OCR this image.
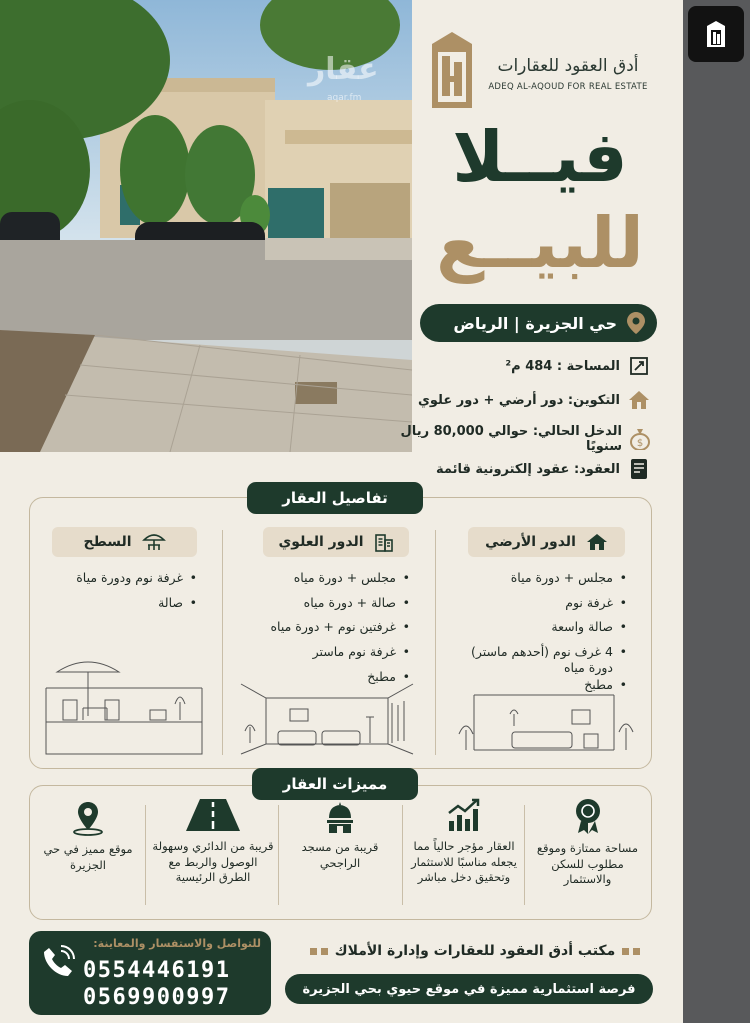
عقار
aqar.fm
أدق العقود للعقارات
ADEQ AL-AQOUD FOR REAL ESTATE
فيــلا
للبيــع
حي الجزيرة | الرياض
المساحة : 484 م²
التكوين: دور أرضي + دور علوي
الدخل الحالي: حوالي 80,000 ريال سنويًا $
العقود: عقود إلكترونية قائمة
تفاصيل العقار
الدور الأرضي
• مجلس + دورة مياة
• غرفة نوم
• صالة واسعة
• 4 غرف نوم (أحدهم ماستر) دورة مياه
• مطبخ
الدور العلوي
• مجلس + دورة مياه
• صالة + دورة مياه
• غرفتين نوم + دورة مياه
• غرفة نوم ماستر
• مطبخ
السطح
• غرفة نوم ودورة مياة
• صالة
مميزات العقار
مساحة ممتازة وموقع مطلوب للسكن والاستثمار
العقار مؤجر حالياً مما يجعله مناسبًا للاستثمار وتحقيق دخل مباشر
قريبة من مسجد الراجحي
قريبة من الدائري وسهولة الوصول والربط مع الطرق الرئيسية
موقع مميز في حي الجزيرة
للتواصل والاستفسار والمعاينة:
0554446191
0569900997
مكتب أدق العقود للعقارات وإدارة الأملاك
فرصة استثمارية مميزة في موقع حيوي بحي الجزيرة
